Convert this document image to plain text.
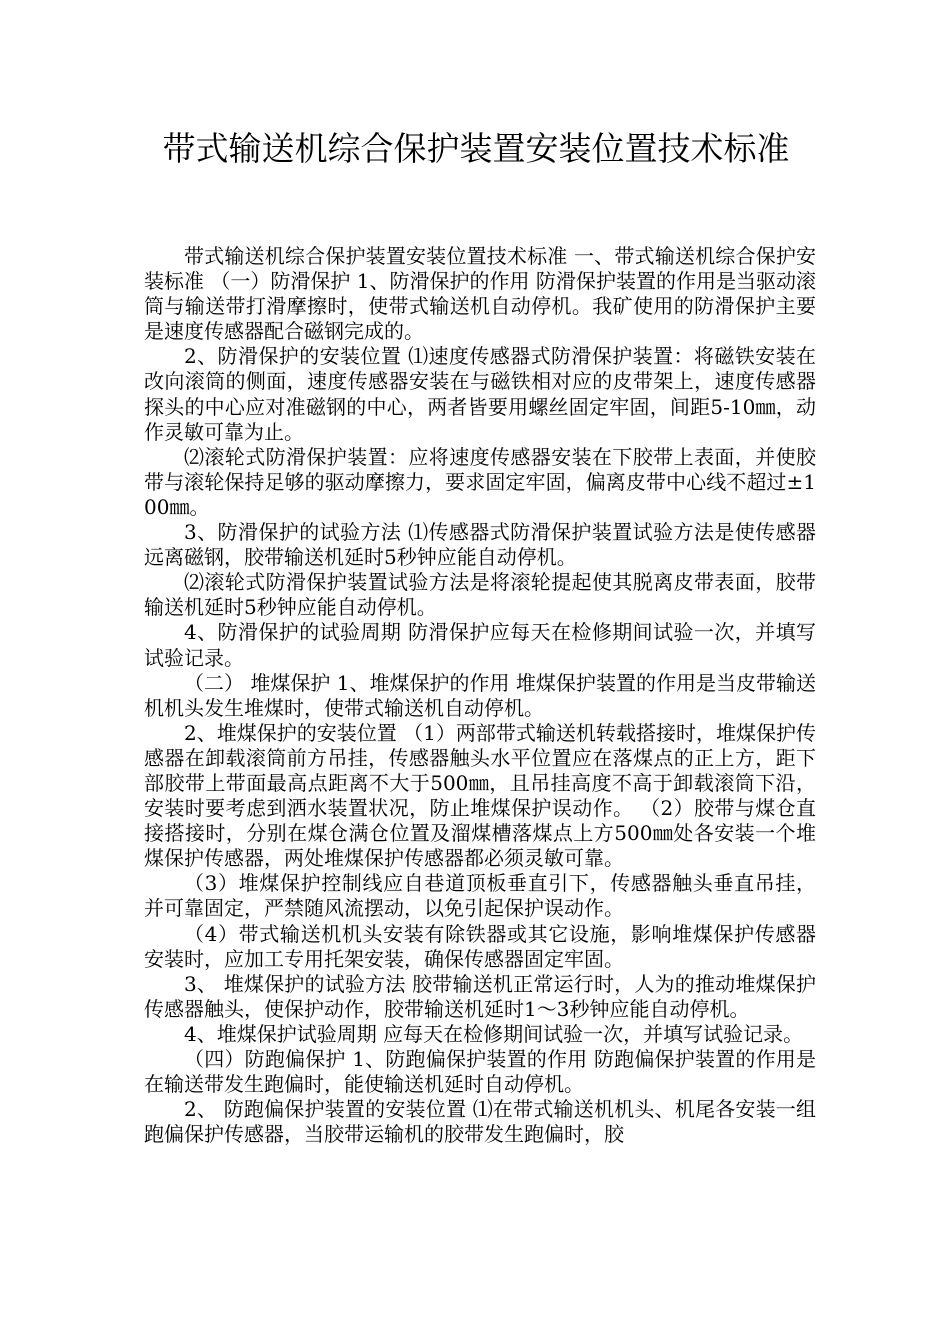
带式输送机综合保护装置安装位置技术标准

带式输送机综合保护装置安装位置技术标准 一、带式输送机综合保护安装标准 （一）防滑保护 1、防滑保护的作用 防滑保护装置的作用是当驱动滚筒与输送带打滑摩擦时，使带式输送机自动停机。我矿使用的防滑保护主要是速度传感器配合磁钢完成的。

2、防滑保护的安装位置 ⑴速度传感器式防滑保护装置：将磁铁安装在改向滚筒的侧面，速度传感器安装在与磁铁相对应的皮带架上，速度传感器探头的中心应对准磁钢的中心，两者皆要用螺丝固定牢固，间距5-10㎜，动作灵敏可靠为止。

⑵滚轮式防滑保护装置：应将速度传感器安装在下胶带上表面，并使胶带与滚轮保持足够的驱动摩擦力，要求固定牢固，偏离皮带中心线不超过±100㎜。

3、防滑保护的试验方法 ⑴传感器式防滑保护装置试验方法是使传感器远离磁钢，胶带输送机延时5秒钟应能自动停机。

⑵滚轮式防滑保护装置试验方法是将滚轮提起使其脱离皮带表面，胶带输送机延时5秒钟应能自动停机。

4、防滑保护的试验周期 防滑保护应每天在检修期间试验一次，并填写试验记录。

（二） 堆煤保护 1、堆煤保护的作用 堆煤保护装置的作用是当皮带输送机机头发生堆煤时，使带式输送机自动停机。

2、堆煤保护的安装位置 （1）两部带式输送机转载搭接时，堆煤保护传感器在卸载滚筒前方吊挂，传感器触头水平位置应在落煤点的正上方，距下部胶带上带面最高点距离不大于500㎜，且吊挂高度不高于卸载滚筒下沿，安装时要考虑到洒水装置状况，防止堆煤保护误动作。 （2）胶带与煤仓直接搭接时，分别在煤仓满仓位置及溜煤槽落煤点上方500㎜处各安装一个堆煤保护传感器，两处堆煤保护传感器都必须灵敏可靠。

（3）堆煤保护控制线应自巷道顶板垂直引下，传感器触头垂直吊挂，并可靠固定，严禁随风流摆动，以免引起保护误动作。

（4）带式输送机机头安装有除铁器或其它设施，影响堆煤保护传感器安装时，应加工专用托架安装，确保传感器固定牢固。

3、 堆煤保护的试验方法 胶带输送机正常运行时，人为的推动堆煤保护传感器触头，使保护动作，胶带输送机延时1～3秒钟应能自动停机。

4、堆煤保护试验周期 应每天在检修期间试验一次，并填写试验记录。

（四）防跑偏保护 1、防跑偏保护装置的作用 防跑偏保护装置的作用是在输送带发生跑偏时，能使输送机延时自动停机。

2、 防跑偏保护装置的安装位置 ⑴在带式输送机机头、机尾各安装一组跑偏保护传感器，当胶带运输机的胶带发生跑偏时，胶
